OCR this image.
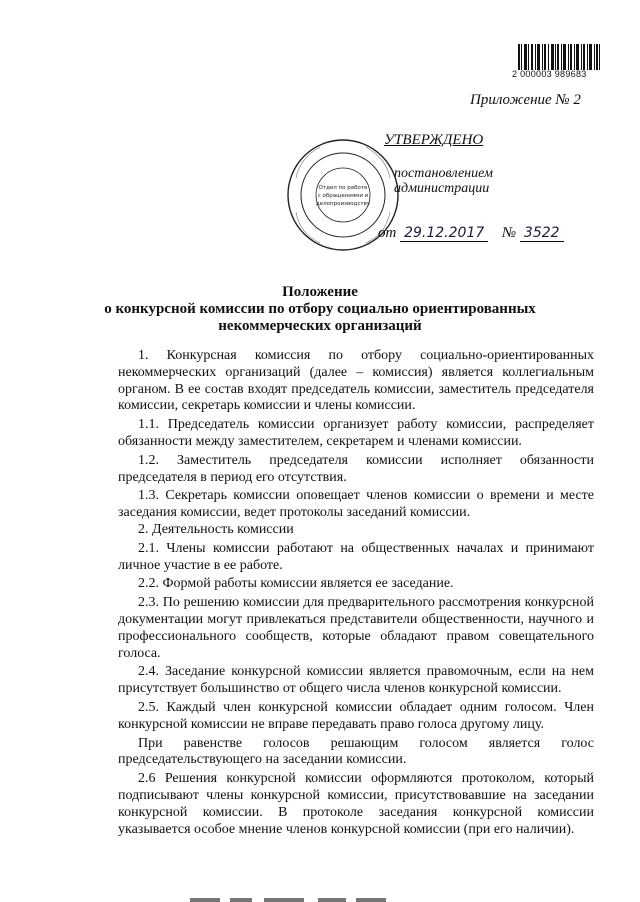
2 000003 989683
Приложение № 2
Отдел по работе
с обращениями и
делопроизводству
УТВЕРЖДЕНО
постановлением
администрации
от 29.12.2017 № 3522
Положение
о конкурсной комиссии по отбору социально ориентированных
некоммерческих организаций

1. Конкурсная комиссия по отбору социально-ориентированных некоммерческих организаций (далее – комиссия) является коллегиальным органом. В ее состав входят председатель комиссии, заместитель председателя комиссии, секретарь комиссии и члены комиссии.

1.1. Председатель комиссии организует работу комиссии, распределяет обязанности между заместителем, секретарем и членами комиссии.

1.2. Заместитель председателя комиссии исполняет обязанности председателя в период его отсутствия.

1.3. Секретарь комиссии оповещает членов комиссии о времени и месте заседания комиссии, ведет протоколы заседаний комиссии.

2. Деятельность комиссии

2.1. Члены комиссии работают на общественных началах и принимают личное участие в ее работе.

2.2. Формой работы комиссии является ее заседание.

2.3. По решению комиссии для предварительного рассмотрения конкурсной документации могут привлекаться представители общественности, научного и профессионального сообществ, которые обладают правом совещательного голоса.

2.4. Заседание конкурсной комиссии является правомочным, если на нем присутствует большинство от общего числа членов конкурсной комиссии.

2.5. Каждый член конкурсной комиссии обладает одним голосом. Член конкурсной комиссии не вправе передавать право голоса другому лицу.

При равенстве голосов решающим голосом является голос председательствующего на заседании комиссии.

2.6 Решения конкурсной комиссии оформляются протоколом, который подписывают члены конкурсной комиссии, присутствовавшие на заседании конкурсной комиссии. В протоколе заседания конкурсной комиссии указывается особое мнение членов конкурсной комиссии (при его наличии).
